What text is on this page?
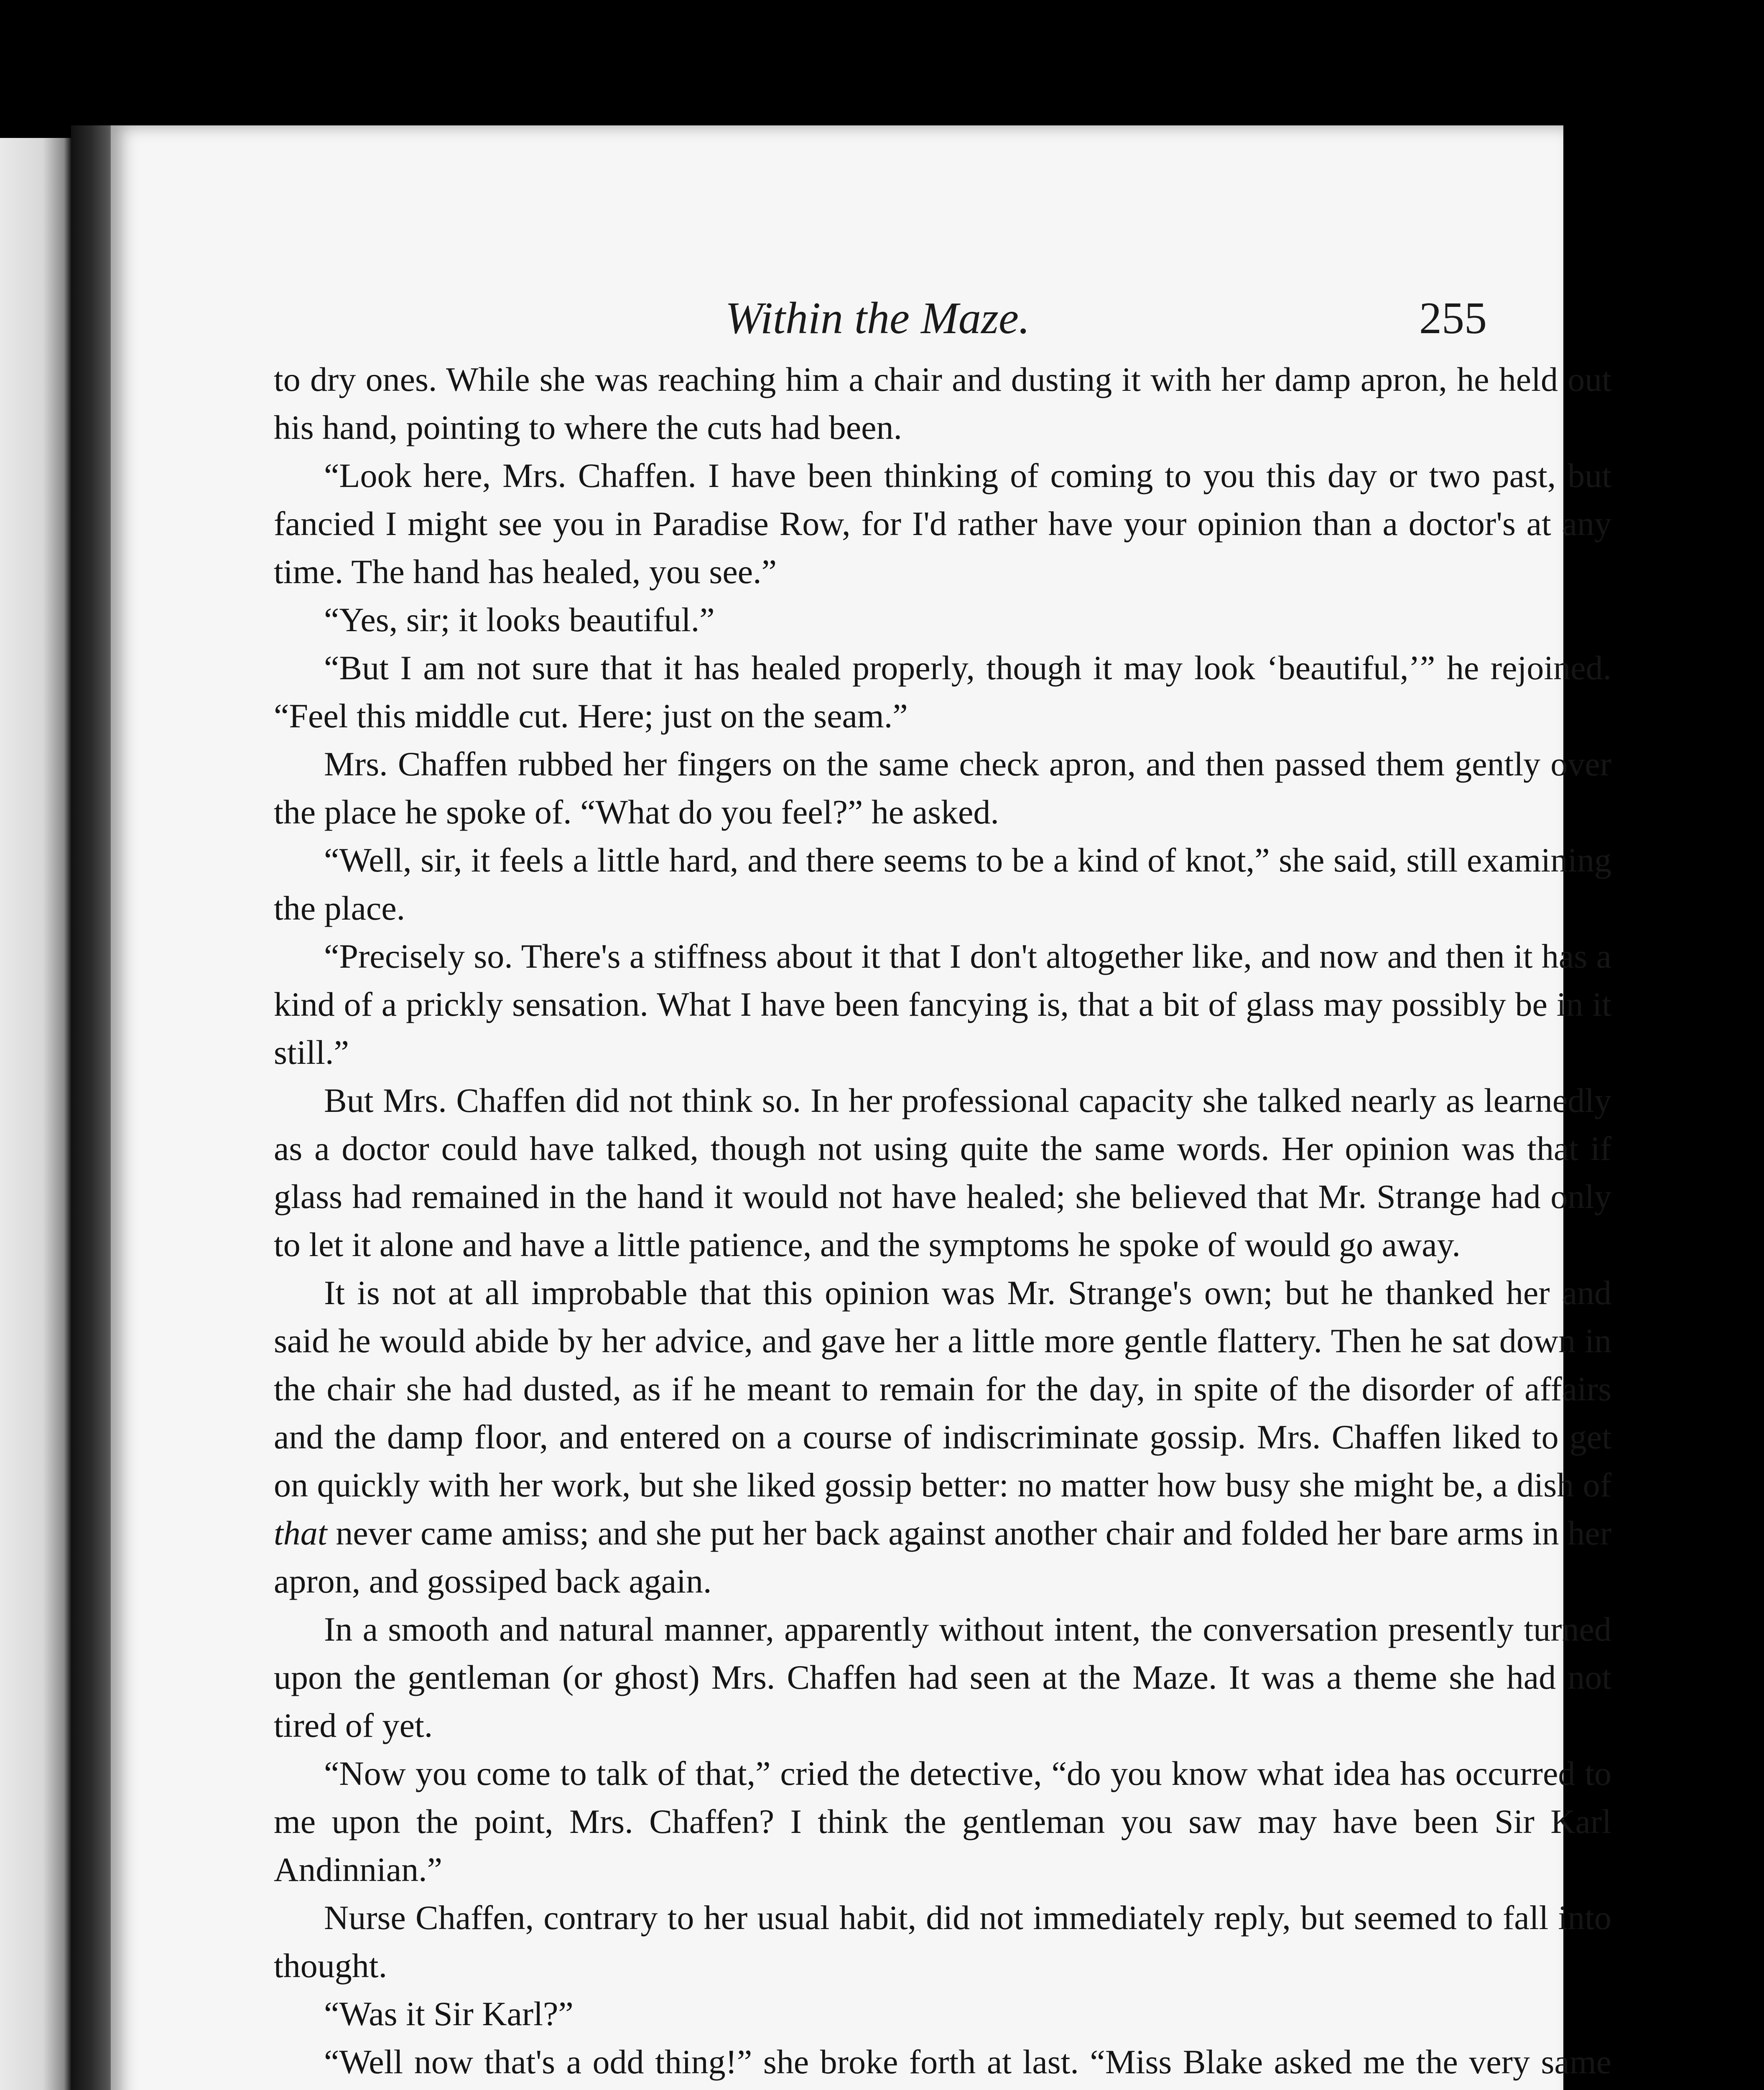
Within the Maze.	255

to dry ones. While she was reaching him a chair and dusting it with her damp apron, he held out his hand, pointing to where the cuts had been.

“Look here, Mrs. Chaffen. I have been thinking of coming to you this day or two past, but fancied I might see you in Paradise Row, for I'd rather have your opinion than a doctor's at any time. The hand has healed, you see.”

“Yes, sir; it looks beautiful.”

“But I am not sure that it has healed properly, though it may look ‘beautiful,’” he rejoined. “Feel this middle cut. Here; just on the seam.”

Mrs. Chaffen rubbed her fingers on the same check apron, and then passed them gently over the place he spoke of. “What do you feel?” he asked.

“Well, sir, it feels a little hard, and there seems to be a kind of knot,” she said, still examining the place.

“Precisely so. There's a stiffness about it that I don't altogether like, and now and then it has a kind of a prickly sensation. What I have been fancying is, that a bit of glass may possibly be in it still.”

But Mrs. Chaffen did not think so. In her professional capacity she talked nearly as learnedly as a doctor could have talked, though not using quite the same words. Her opinion was that if glass had remained in the hand it would not have healed; she believed that Mr. Strange had only to let it alone and have a little patience, and the symptoms he spoke of would go away.

It is not at all improbable that this opinion was Mr. Strange's own; but he thanked her and said he would abide by her advice, and gave her a little more gentle flattery. Then he sat down in the chair she had dusted, as if he meant to remain for the day, in spite of the disorder of affairs and the damp floor, and entered on a course of indiscriminate gossip. Mrs. Chaffen liked to get on quickly with her work, but she liked gossip better: no matter how busy she might be, a dish of that never came amiss; and she put her back against another chair and folded her bare arms in her apron, and gossiped back again.

In a smooth and natural manner, apparently without intent, the conversation presently turned upon the gentleman (or ghost) Mrs. Chaffen had seen at the Maze. It was a theme she had not tired of yet.

“Now you come to talk of that,” cried the detective, “do you know what idea has occurred to me upon the point, Mrs. Chaffen? I think the gentleman you saw may have been Sir Karl Andinnian.”

Nurse Chaffen, contrary to her usual habit, did not immediately reply, but seemed to fall into thought.

“Was it Sir Karl?”

“Well now that's a odd thing!” she broke forth at last. “Miss Blake asked me the very same
